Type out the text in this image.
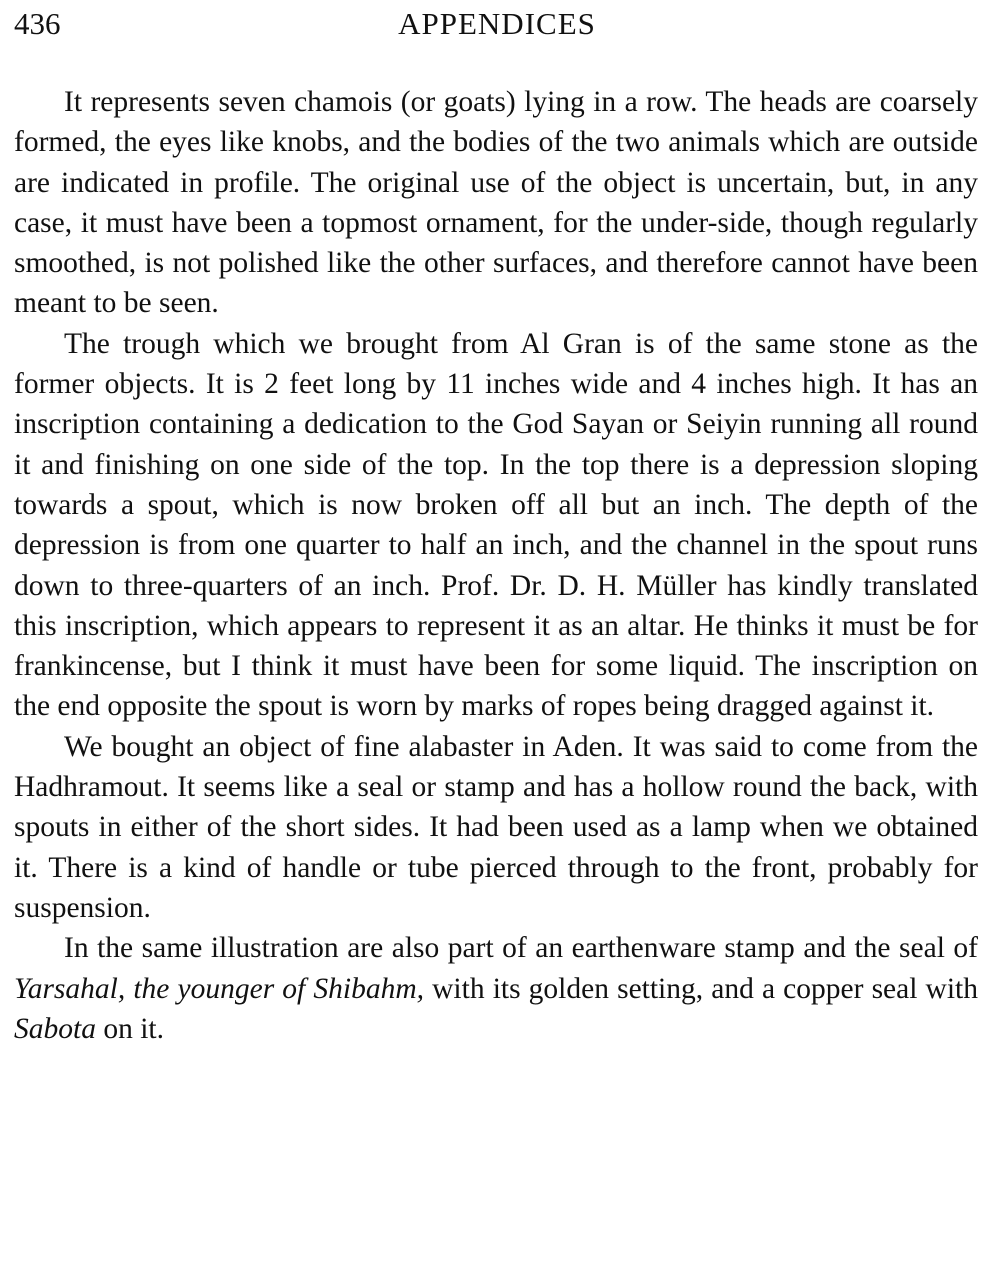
436	APPENDICES

It represents seven chamois (or goats) lying in a row. The heads are coarsely formed, the eyes like knobs, and the bodies of the two animals which are outside are indicated in profile. The original use of the object is uncertain, but, in any case, it must have been a topmost ornament, for the under-side, though regularly smoothed, is not polished like the other surfaces, and therefore cannot have been meant to be seen.

The trough which we brought from Al Gran is of the same stone as the former objects. It is 2 feet long by 11 inches wide and 4 inches high. It has an inscription containing a dedication to the God Sayan or Seiyin running all round it and finishing on one side of the top. In the top there is a depression sloping towards a spout, which is now broken off all but an inch. The depth of the depression is from one quarter to half an inch, and the channel in the spout runs down to three-quarters of an inch. Prof. Dr. D. H. Müller has kindly translated this inscription, which appears to represent it as an altar. He thinks it must be for frankincense, but I think it must have been for some liquid. The inscription on the end opposite the spout is worn by marks of ropes being dragged against it.

We bought an object of fine alabaster in Aden. It was said to come from the Hadhramout. It seems like a seal or stamp and has a hollow round the back, with spouts in either of the short sides. It had been used as a lamp when we obtained it. There is a kind of handle or tube pierced through to the front, probably for suspension.

In the same illustration are also part of an earthenware stamp and the seal of Yarsahal, the younger of Shibahm, with its golden setting, and a copper seal with Sabota on it.
